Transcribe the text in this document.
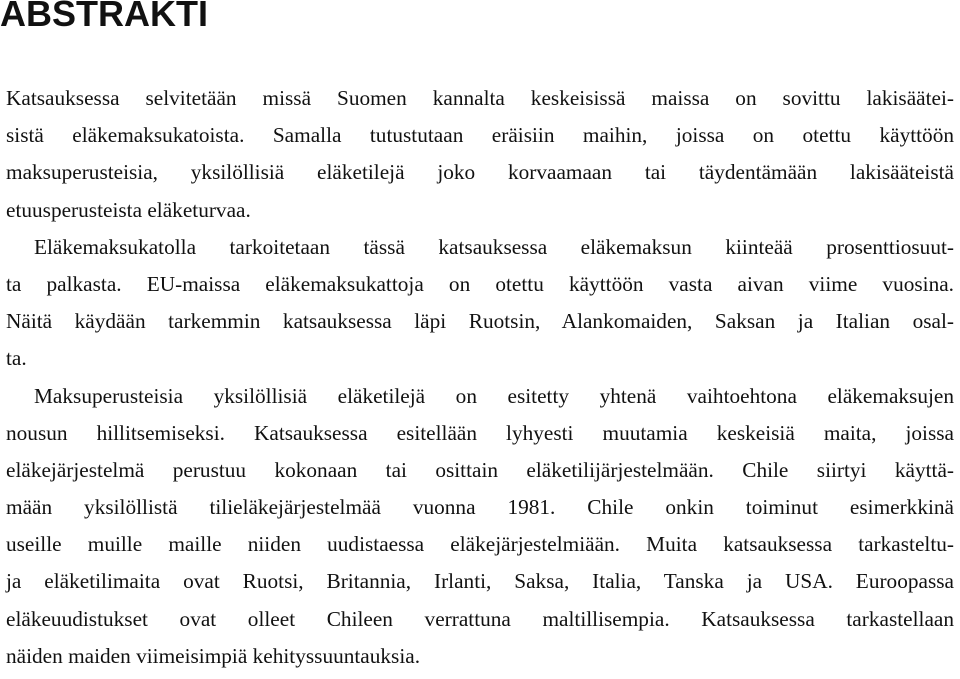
ABSTRAKTI
Katsauksessa selvitetään missä Suomen kannalta keskeisissä maissa on sovittu lakisäätei-
sistä eläkemaksukatoista. Samalla tutustutaan eräisiin maihin, joissa on otettu käyttöön
maksuperusteisia, yksilöllisiä eläketilejä joko korvaamaan tai täydentämään lakisääteistä
etuusperusteista eläketurvaa.
Eläkemaksukatolla tarkoitetaan tässä katsauksessa eläkemaksun kiinteää prosenttiosuut-
ta palkasta. EU-maissa eläkemaksukattoja on otettu käyttöön vasta aivan viime vuosina.
Näitä käydään tarkemmin katsauksessa läpi Ruotsin, Alankomaiden, Saksan ja Italian osal-
ta.
Maksuperusteisia yksilöllisiä eläketilejä on esitetty yhtenä vaihtoehtona eläkemaksujen
nousun hillitsemiseksi. Katsauksessa esitellään lyhyesti muutamia keskeisiä maita, joissa
eläkejärjestelmä perustuu kokonaan tai osittain eläketilijärjestelmään. Chile siirtyi käyttä-
mään yksilöllistä tilieläkejärjestelmää vuonna 1981. Chile onkin toiminut esimerkkinä
useille muille maille niiden uudistaessa eläkejärjestelmiään. Muita katsauksessa tarkasteltu-
ja eläketilimaita ovat Ruotsi, Britannia, Irlanti, Saksa, Italia, Tanska ja USA. Euroopassa
eläkeuudistukset ovat olleet Chileen verrattuna maltillisempia. Katsauksessa tarkastellaan
näiden maiden viimeisimpiä kehityssuuntauksia.
